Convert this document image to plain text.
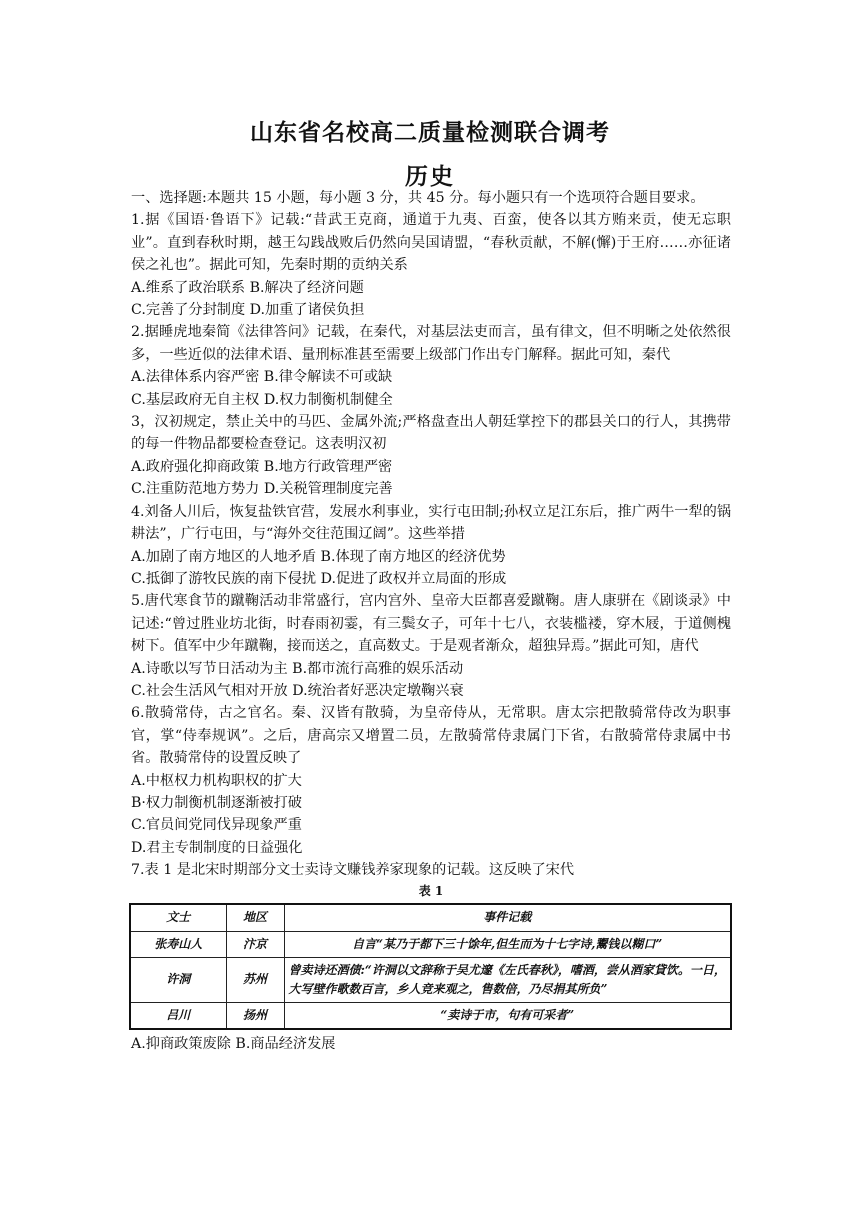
山东省名校高二质量检测联合调考
历史

一、选择题:本题共 15 小题，每小题 3 分，共 45 分。每小题只有一个选项符合题目要求。

1.据《国语·鲁语下》记载:“昔武王克商，通道于九夷、百蛮，使各以其方贿来贡，使无忘职业”。直到春秋时期，越王勾践战败后仍然向吴国请盟，“春秋贡献，不解(懈)于王府……亦征诸侯之礼也”。据此可知，先秦时期的贡纳关系

A.维系了政治联系 B.解决了经济问题

C.完善了分封制度 D.加重了诸侯负担

2.据睡虎地秦简《法律答问》记载，在秦代，对基层法吏而言，虽有律文，但不明晰之处依然很多，一些近似的法律术语、量刑标准甚至需要上级部门作出专门解释。据此可知，秦代

A.法律体系内容严密 B.律令解读不可或缺

C.基层政府无自主权 D.权力制衡机制健全

3，汉初规定，禁止关中的马匹、金属外流;严格盘查出人朝廷掌控下的郡县关口的行人，其携带的每一件物品都要检查登记。这表明汉初

A.政府强化抑商政策 B.地方行政管理严密

C.注重防范地方势力 D.关税管理制度完善

4.刘备人川后，恢复盐铁官营，发展水利事业，实行屯田制;孙权立足江东后，推广两牛一犁的锅耕法”，广行屯田，与“海外交往范围辽阔”。这些举措

A.加剧了南方地区的人地矛盾 B.体现了南方地区的经济优势

C.抵御了游牧民族的南下侵扰 D.促进了政权并立局面的形成

5.唐代寒食节的蹴鞠活动非常盛行，宫内宫外、皇帝大臣都喜爱蹴鞠。唐人康骈在《剧谈录》中记述:“曾过胜业坊北街，时春雨初霎，有三鬓女子，可年十七八，衣装槛褛，穿木屐，于道侧槐树下。值军中少年蹴鞠，接而送之，直高数丈。于是观者渐众，超独异焉。”据此可知，唐代

A.诗歌以写节日活动为主 B.都市流行高雅的娱乐活动

C.社会生活风气相对开放 D.统治者好恶决定墩鞠兴衰

6.散骑常侍，古之官名。秦、汉皆有散骑，为皇帝侍从，无常职。唐太宗把散骑常侍改为职事官，掌“侍奉规讽”。之后，唐高宗又增置二员，左散骑常侍隶属门下省，右散骑常侍隶属中书省。散骑常侍的设置反映了

A.中枢权力机构职权的扩大

B·权力制衡机制逐渐被打破

C.官员间党同伐异现象严重

D.君主专制制度的日益强化

7.表 1 是北宋时期部分文士卖诗文赚钱养家现象的记载。这反映了宋代

表 1
文士	地区	事件记载
张寿山人	汴京	自言“某乃于都下三十馀年,但生而为十七字诗,鬻钱以糊口”
许洞	苏州	曾卖诗还酒债:“许洞以文辞称于吴尤邃《左氏春秋》，嗜酒，尝从酒家貸饮。一日，大写壁作歌数百言，乡人竞来观之，售数倍，乃尽捐其所负”
吕川	扬州	“卖诗于市，句有可采者”

A.抑商政策废除 B.商品经济发展
